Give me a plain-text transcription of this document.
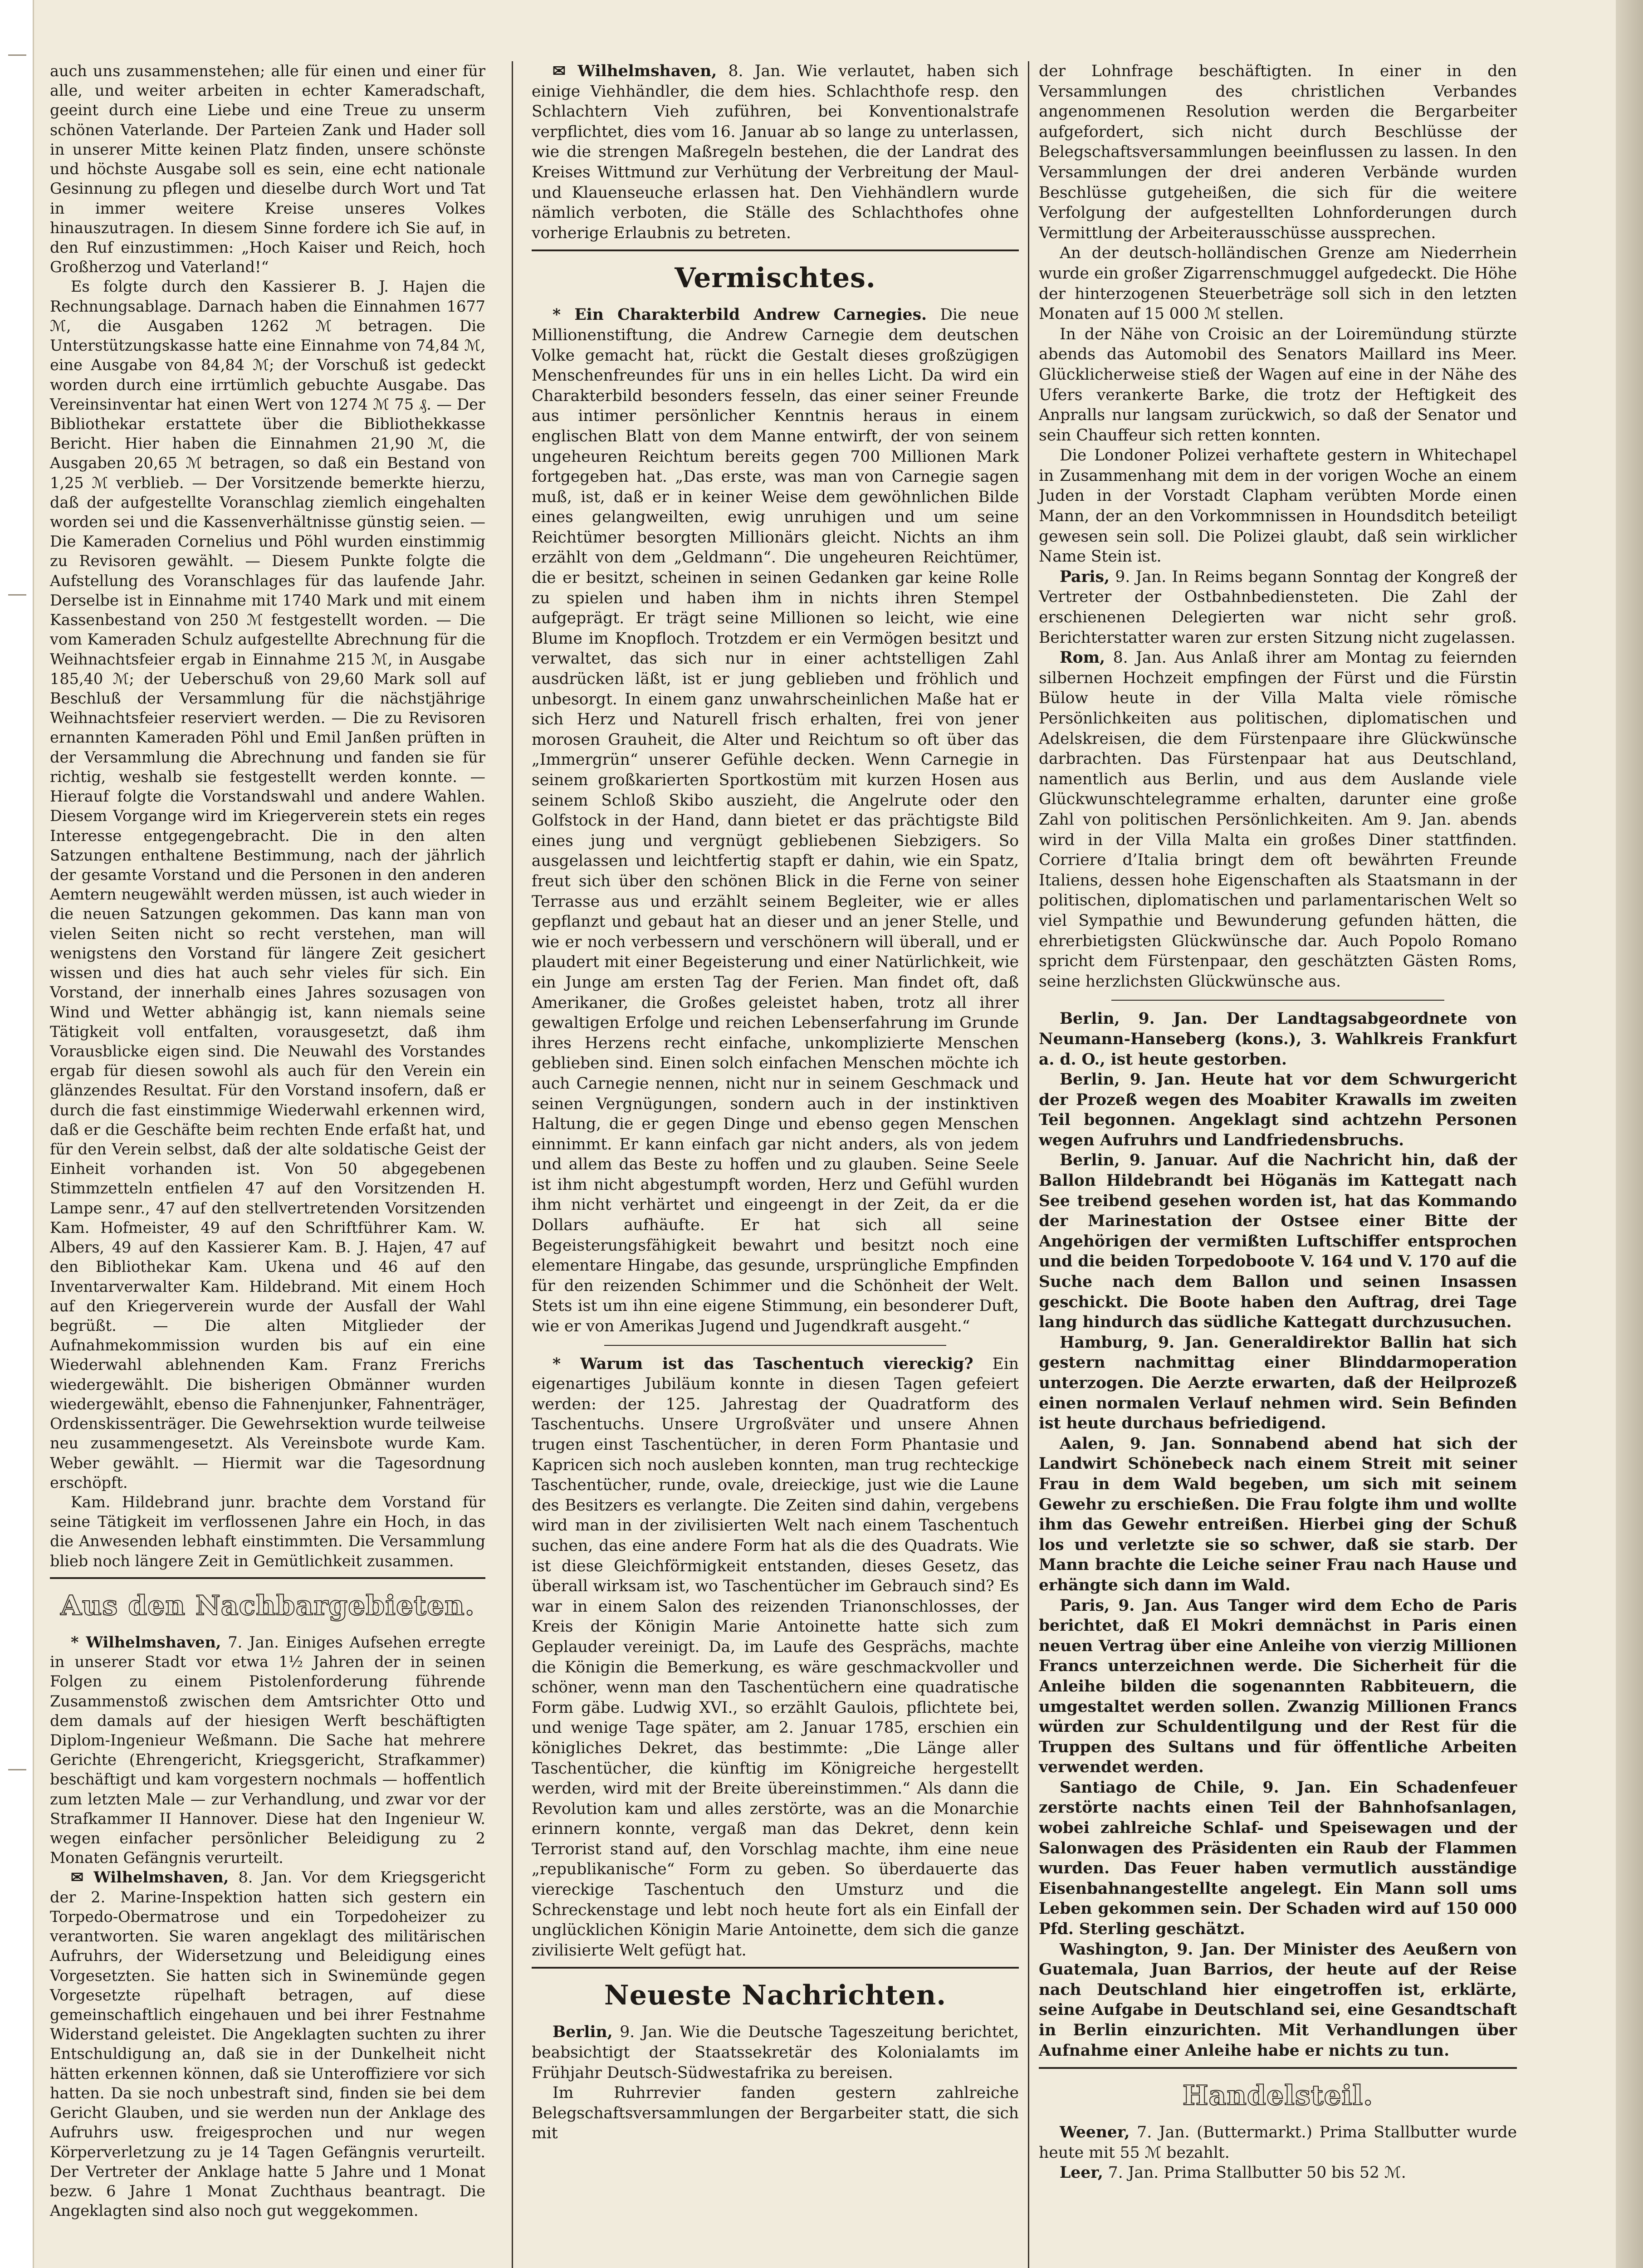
auch uns zusammenstehen; alle für einen und einer für alle, und weiter arbeiten in echter Kameradschaft, geeint durch eine Liebe und eine Treue zu unserm schönen Vaterlande. Der Parteien Zank und Hader soll in unserer Mitte keinen Platz finden, unsere schönste und höchste Ausgabe soll es sein, eine echt nationale Gesinnung zu pflegen und dieselbe durch Wort und Tat in immer weitere Kreise unseres Volkes hinauszutragen. In diesem Sinne fordere ich Sie auf, in den Ruf einzustimmen: „Hoch Kaiser und Reich, hoch Großherzog und Vaterland!“

Es folgte durch den Kassierer B. J. Hajen die Rechnungsablage. Darnach haben die Einnahmen 1677 ℳ, die Ausgaben 1262 ℳ betragen. Die Unterstützungskasse hatte eine Einnahme von 74,84 ℳ, eine Ausgabe von 84,84 ℳ; der Vorschuß ist gedeckt worden durch eine irrtümlich gebuchte Ausgabe. Das Vereinsinventar hat einen Wert von 1274 ℳ 75 ₰. — Der Bibliothekar erstattete über die Bibliothekkasse Bericht. Hier haben die Einnahmen 21,90 ℳ, die Ausgaben 20,65 ℳ betragen, so daß ein Bestand von 1,25 ℳ verblieb. — Der Vorsitzende bemerkte hierzu, daß der aufgestellte Voranschlag ziemlich eingehalten worden sei und die Kassenverhältnisse günstig seien. — Die Kameraden Cornelius und Pöhl wurden einstimmig zu Revisoren gewählt. — Diesem Punkte folgte die Aufstellung des Voranschlages für das laufende Jahr. Derselbe ist in Einnahme mit 1740 Mark und mit einem Kassenbestand von 250 ℳ festgestellt worden. — Die vom Kameraden Schulz aufgestellte Abrechnung für die Weihnachtsfeier ergab in Einnahme 215 ℳ, in Ausgabe 185,40 ℳ; der Ueberschuß von 29,60 Mark soll auf Beschluß der Versammlung für die nächstjährige Weihnachtsfeier reserviert werden. — Die zu Revisoren ernannten Kameraden Pöhl und Emil Janßen prüften in der Versammlung die Abrechnung und fanden sie für richtig, weshalb sie festgestellt werden konnte. — Hierauf folgte die Vorstandswahl und andere Wahlen. Diesem Vorgange wird im Kriegerverein stets ein reges Interesse entgegengebracht. Die in den alten Satzungen enthaltene Bestimmung, nach der jährlich der gesamte Vorstand und die Personen in den anderen Aemtern neugewählt werden müssen, ist auch wieder in die neuen Satzungen gekommen. Das kann man von vielen Seiten nicht so recht verstehen, man will wenigstens den Vorstand für längere Zeit gesichert wissen und dies hat auch sehr vieles für sich. Ein Vorstand, der innerhalb eines Jahres sozusagen von Wind und Wetter abhängig ist, kann niemals seine Tätigkeit voll entfalten, vorausgesetzt, daß ihm Vorausblicke eigen sind. Die Neuwahl des Vorstandes ergab für diesen sowohl als auch für den Verein ein glänzendes Resultat. Für den Vorstand insofern, daß er durch die fast einstimmige Wiederwahl erkennen wird, daß er die Geschäfte beim rechten Ende erfaßt hat, und für den Verein selbst, daß der alte soldatische Geist der Einheit vorhanden ist. Von 50 abgegebenen Stimmzetteln entfielen 47 auf den Vorsitzenden H. Lampe senr., 47 auf den stellvertretenden Vorsitzenden Kam. Hofmeister, 49 auf den Schriftführer Kam. W. Albers, 49 auf den Kassierer Kam. B. J. Hajen, 47 auf den Bibliothekar Kam. Ukena und 46 auf den Inventarverwalter Kam. Hildebrand. Mit einem Hoch auf den Kriegerverein wurde der Ausfall der Wahl begrüßt. — Die alten Mitglieder der Aufnahmekommission wurden bis auf ein eine Wiederwahl ablehnenden Kam. Franz Frerichs wiedergewählt. Die bisherigen Obmänner wurden wiedergewählt, ebenso die Fahnenjunker, Fahnenträger, Ordenskissenträger. Die Gewehrsektion wurde teilweise neu zusammengesetzt. Als Vereinsbote wurde Kam. Weber gewählt. — Hiermit war die Tagesordnung erschöpft.

Kam. Hildebrand junr. brachte dem Vorstand für seine Tätigkeit im verflossenen Jahre ein Hoch, in das die Anwesenden lebhaft einstimmten. Die Versammlung blieb noch längere Zeit in Gemütlichkeit zusammen.

Aus den Nachbargebieten.

* Wilhelmshaven, 7. Jan. Einiges Aufsehen erregte in unserer Stadt vor etwa 1½ Jahren der in seinen Folgen zu einem Pistolenforderung führende Zusammenstoß zwischen dem Amtsrichter Otto und dem damals auf der hiesigen Werft beschäftigten Diplom-Ingenieur Weßmann. Die Sache hat mehrere Gerichte (Ehrengericht, Kriegsgericht, Strafkammer) beschäftigt und kam vorgestern nochmals — hoffentlich zum letzten Male — zur Verhandlung, und zwar vor der Strafkammer II Hannover. Diese hat den Ingenieur W. wegen einfacher persönlicher Beleidigung zu 2 Monaten Gefängnis verurteilt.

✉ Wilhelmshaven, 8. Jan. Vor dem Kriegsgericht der 2. Marine-Inspektion hatten sich gestern ein Torpedo-Obermatrose und ein Torpedoheizer zu verantworten. Sie waren angeklagt des militärischen Aufruhrs, der Widersetzung und Beleidigung eines Vorgesetzten. Sie hatten sich in Swinemünde gegen Vorgesetzte rüpelhaft betragen, auf diese gemeinschaftlich eingehauen und bei ihrer Festnahme Widerstand geleistet. Die Angeklagten suchten zu ihrer Entschuldigung an, daß sie in der Dunkelheit nicht hätten erkennen können, daß sie Unteroffiziere vor sich hatten. Da sie noch unbestraft sind, finden sie bei dem Gericht Glauben, und sie werden nun der Anklage des Aufruhrs usw. freigesprochen und nur wegen Körperverletzung zu je 14 Tagen Gefängnis verurteilt. Der Vertreter der Anklage hatte 5 Jahre und 1 Monat bezw. 6 Jahre 1 Monat Zuchthaus beantragt. Die Angeklagten sind also noch gut weggekommen.

✉ Wilhelmshaven, 8. Jan. Wie verlautet, haben sich einige Viehhändler, die dem hies. Schlachthofe resp. den Schlachtern Vieh zuführen, bei Konventionalstrafe verpflichtet, dies vom 16. Januar ab so lange zu unterlassen, wie die strengen Maßregeln bestehen, die der Landrat des Kreises Wittmund zur Verhütung der Verbreitung der Maul- und Klauenseuche erlassen hat. Den Viehhändlern wurde nämlich verboten, die Ställe des Schlachthofes ohne vorherige Erlaubnis zu betreten.

Vermischtes.

* Ein Charakterbild Andrew Carnegies. Die neue Millionenstiftung, die Andrew Carnegie dem deutschen Volke gemacht hat, rückt die Gestalt dieses großzügigen Menschenfreundes für uns in ein helles Licht. Da wird ein Charakterbild besonders fesseln, das einer seiner Freunde aus intimer persönlicher Kenntnis heraus in einem englischen Blatt von dem Manne entwirft, der von seinem ungeheuren Reichtum bereits gegen 700 Millionen Mark fortgegeben hat. „Das erste, was man von Carnegie sagen muß, ist, daß er in keiner Weise dem gewöhnlichen Bilde eines gelangweilten, ewig unruhigen und um seine Reichtümer besorgten Millionärs gleicht. Nichts an ihm erzählt von dem „Geldmann“. Die ungeheuren Reichtümer, die er besitzt, scheinen in seinen Gedanken gar keine Rolle zu spielen und haben ihm in nichts ihren Stempel aufgeprägt. Er trägt seine Millionen so leicht, wie eine Blume im Knopfloch. Trotzdem er ein Vermögen besitzt und verwaltet, das sich nur in einer achtstelligen Zahl ausdrücken läßt, ist er jung geblieben und fröhlich und unbesorgt. In einem ganz unwahrscheinlichen Maße hat er sich Herz und Naturell frisch erhalten, frei von jener morosen Grauheit, die Alter und Reichtum so oft über das „Immergrün“ unserer Gefühle decken. Wenn Carnegie in seinem großkarierten Sportkostüm mit kurzen Hosen aus seinem Schloß Skibo auszieht, die Angelrute oder den Golfstock in der Hand, dann bietet er das prächtigste Bild eines jung und vergnügt gebliebenen Siebzigers. So ausgelassen und leichtfertig stapft er dahin, wie ein Spatz, freut sich über den schönen Blick in die Ferne von seiner Terrasse aus und erzählt seinem Begleiter, wie er alles gepflanzt und gebaut hat an dieser und an jener Stelle, und wie er noch verbessern und verschönern will überall, und er plaudert mit einer Begeisterung und einer Natürlichkeit, wie ein Junge am ersten Tag der Ferien. Man findet oft, daß Amerikaner, die Großes geleistet haben, trotz all ihrer gewaltigen Erfolge und reichen Lebenserfahrung im Grunde ihres Herzens recht einfache, unkomplizierte Menschen geblieben sind. Einen solch einfachen Menschen möchte ich auch Carnegie nennen, nicht nur in seinem Geschmack und seinen Vergnügungen, sondern auch in der instinktiven Haltung, die er gegen Dinge und ebenso gegen Menschen einnimmt. Er kann einfach gar nicht anders, als von jedem und allem das Beste zu hoffen und zu glauben. Seine Seele ist ihm nicht abgestumpft worden, Herz und Gefühl wurden ihm nicht verhärtet und eingeengt in der Zeit, da er die Dollars aufhäufte. Er hat sich all seine Begeisterungsfähigkeit bewahrt und besitzt noch eine elementare Hingabe, das gesunde, ursprüngliche Empfinden für den reizenden Schimmer und die Schönheit der Welt. Stets ist um ihn eine eigene Stimmung, ein besonderer Duft, wie er von Amerikas Jugend und Jugendkraft ausgeht.“

* Warum ist das Taschentuch viereckig? Ein eigenartiges Jubiläum konnte in diesen Tagen gefeiert werden: der 125. Jahrestag der Quadratform des Taschentuchs. Unsere Urgroßväter und unsere Ahnen trugen einst Taschentücher, in deren Form Phantasie und Kapricen sich noch ausleben konnten, man trug rechteckige Taschentücher, runde, ovale, dreieckige, just wie die Laune des Besitzers es verlangte. Die Zeiten sind dahin, vergebens wird man in der zivilisierten Welt nach einem Taschentuch suchen, das eine andere Form hat als die des Quadrats. Wie ist diese Gleichförmigkeit entstanden, dieses Gesetz, das überall wirksam ist, wo Taschentücher im Gebrauch sind? Es war in einem Salon des reizenden Trianonschlosses, der Kreis der Königin Marie Antoinette hatte sich zum Geplauder vereinigt. Da, im Laufe des Gesprächs, machte die Königin die Bemerkung, es wäre geschmackvoller und schöner, wenn man den Taschentüchern eine quadratische Form gäbe. Ludwig XVI., so erzählt Gaulois, pflichtete bei, und wenige Tage später, am 2. Januar 1785, erschien ein königliches Dekret, das bestimmte: „Die Länge aller Taschentücher, die künftig im Königreiche hergestellt werden, wird mit der Breite übereinstimmen.“ Als dann die Revolution kam und alles zerstörte, was an die Monarchie erinnern konnte, vergaß man das Dekret, denn kein Terrorist stand auf, den Vorschlag machte, ihm eine neue „republikanische“ Form zu geben. So überdauerte das viereckige Taschentuch den Umsturz und die Schreckenstage und lebt noch heute fort als ein Einfall der unglücklichen Königin Marie Antoinette, dem sich die ganze zivilisierte Welt gefügt hat.

Neueste Nachrichten.

Berlin, 9. Jan. Wie die Deutsche Tageszeitung berichtet, beabsichtigt der Staatssekretär des Kolonialamts im Frühjahr Deutsch-Südwestafrika zu bereisen.

Im Ruhrrevier fanden gestern zahlreiche Belegschaftsversammlungen der Bergarbeiter statt, die sich mit

der Lohnfrage beschäftigten. In einer in den Versammlungen des christlichen Verbandes angenommenen Resolution werden die Bergarbeiter aufgefordert, sich nicht durch Beschlüsse der Belegschaftsversammlungen beeinflussen zu lassen. In den Versammlungen der drei anderen Verbände wurden Beschlüsse gutgeheißen, die sich für die weitere Verfolgung der aufgestellten Lohnforderungen durch Vermittlung der Arbeiterausschüsse aussprechen.

An der deutsch-holländischen Grenze am Niederrhein wurde ein großer Zigarrenschmuggel aufgedeckt. Die Höhe der hinterzogenen Steuerbeträge soll sich in den letzten Monaten auf 15 000 ℳ stellen.

In der Nähe von Croisic an der Loiremündung stürzte abends das Automobil des Senators Maillard ins Meer. Glücklicherweise stieß der Wagen auf eine in der Nähe des Ufers verankerte Barke, die trotz der Heftigkeit des Anpralls nur langsam zurückwich, so daß der Senator und sein Chauffeur sich retten konnten.

Die Londoner Polizei verhaftete gestern in Whitechapel in Zusammenhang mit dem in der vorigen Woche an einem Juden in der Vorstadt Clapham verübten Morde einen Mann, der an den Vorkommnissen in Houndsditch beteiligt gewesen sein soll. Die Polizei glaubt, daß sein wirklicher Name Stein ist.

Paris, 9. Jan. In Reims begann Sonntag der Kongreß der Vertreter der Ostbahnbediensteten. Die Zahl der erschienenen Delegierten war nicht sehr groß. Berichterstatter waren zur ersten Sitzung nicht zugelassen.

Rom, 8. Jan. Aus Anlaß ihrer am Montag zu feiernden silbernen Hochzeit empfingen der Fürst und die Fürstin Bülow heute in der Villa Malta viele römische Persönlichkeiten aus politischen, diplomatischen und Adelskreisen, die dem Fürstenpaare ihre Glückwünsche darbrachten. Das Fürstenpaar hat aus Deutschland, namentlich aus Berlin, und aus dem Auslande viele Glückwunschtelegramme erhalten, darunter eine große Zahl von politischen Persönlichkeiten. Am 9. Jan. abends wird in der Villa Malta ein großes Diner stattfinden. Corriere d’Italia bringt dem oft bewährten Freunde Italiens, dessen hohe Eigenschaften als Staatsmann in der politischen, diplomatischen und parlamentarischen Welt so viel Sympathie und Bewunderung gefunden hätten, die ehrerbietigsten Glückwünsche dar. Auch Popolo Romano spricht dem Fürstenpaar, den geschätzten Gästen Roms, seine herzlichsten Glückwünsche aus.

Berlin, 9. Jan. Der Landtagsabgeordnete von Neumann-Hanseberg (kons.), 3. Wahlkreis Frankfurt a. d. O., ist heute gestorben.

Berlin, 9. Jan. Heute hat vor dem Schwurgericht der Prozeß wegen des Moabiter Krawalls im zweiten Teil begonnen. Angeklagt sind achtzehn Personen wegen Aufruhrs und Landfriedensbruchs.

Berlin, 9. Januar. Auf die Nachricht hin, daß der Ballon Hildebrandt bei Höganäs im Kattegatt nach See treibend gesehen worden ist, hat das Kommando der Marinestation der Ostsee einer Bitte der Angehörigen der vermißten Luftschiffer entsprochen und die beiden Torpedoboote V. 164 und V. 170 auf die Suche nach dem Ballon und seinen Insassen geschickt. Die Boote haben den Auftrag, drei Tage lang hindurch das südliche Kattegatt durchzusuchen.

Hamburg, 9. Jan. Generaldirektor Ballin hat sich gestern nachmittag einer Blinddarmoperation unterzogen. Die Aerzte erwarten, daß der Heilprozeß einen normalen Verlauf nehmen wird. Sein Befinden ist heute durchaus befriedigend.

Aalen, 9. Jan. Sonnabend abend hat sich der Landwirt Schönebeck nach einem Streit mit seiner Frau in dem Wald begeben, um sich mit seinem Gewehr zu erschießen. Die Frau folgte ihm und wollte ihm das Gewehr entreißen. Hierbei ging der Schuß los und verletzte sie so schwer, daß sie starb. Der Mann brachte die Leiche seiner Frau nach Hause und erhängte sich dann im Wald.

Paris, 9. Jan. Aus Tanger wird dem Echo de Paris berichtet, daß El Mokri demnächst in Paris einen neuen Vertrag über eine Anleihe von vierzig Millionen Francs unterzeichnen werde. Die Sicherheit für die Anleihe bilden die sogenannten Rabbiteuern, die umgestaltet werden sollen. Zwanzig Millionen Francs würden zur Schuldentilgung und der Rest für die Truppen des Sultans und für öffentliche Arbeiten verwendet werden.

Santiago de Chile, 9. Jan. Ein Schadenfeuer zerstörte nachts einen Teil der Bahnhofsanlagen, wobei zahlreiche Schlaf- und Speisewagen und der Salonwagen des Präsidenten ein Raub der Flammen wurden. Das Feuer haben vermutlich ausständige Eisenbahnangestellte angelegt. Ein Mann soll ums Leben gekommen sein. Der Schaden wird auf 150 000 Pfd. Sterling geschätzt.

Washington, 9. Jan. Der Minister des Aeußern von Guatemala, Juan Barrios, der heute auf der Reise nach Deutschland hier eingetroffen ist, erklärte, seine Aufgabe in Deutschland sei, eine Gesandtschaft in Berlin einzurichten. Mit Verhandlungen über Aufnahme einer Anleihe habe er nichts zu tun.

Handelsteil.

Weener, 7. Jan. (Buttermarkt.) Prima Stallbutter wurde heute mit 55 ℳ bezahlt.

Leer, 7. Jan. Prima Stallbutter 50 bis 52 ℳ.
